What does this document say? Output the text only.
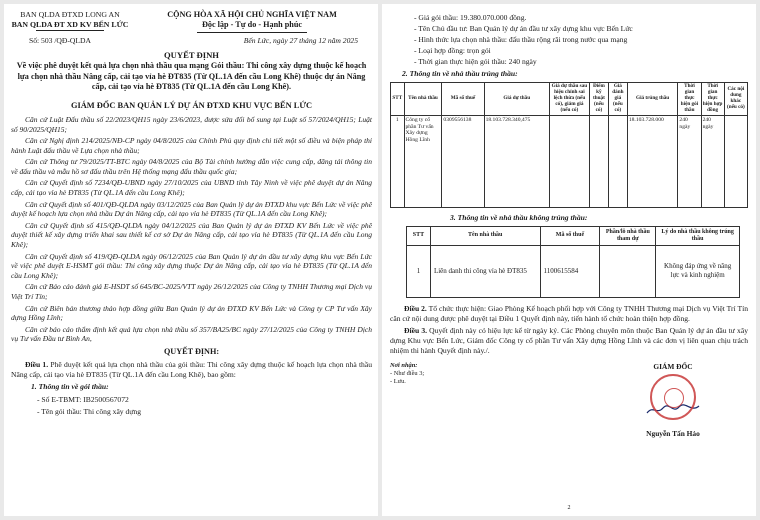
BAN QLDA ĐTXD LONG AN
BAN QLDA ĐT XD KV BẾN LỨC
CỘNG HÒA XÃ HỘI CHỦ NGHĨA VIỆT NAM
Độc lập - Tự do - Hạnh phúc
Số: 503 /QĐ-QLDA	Bến Lức, ngày 27 tháng 12 năm 2025
QUYẾT ĐỊNH
Về việc phê duyệt kết quả lựa chọn nhà thầu qua mạng Gói thầu: Thi công xây dựng thuộc kế hoạch lựa chọn nhà thầu Nâng cấp, cải tạo vỉa hè ĐT835 (Từ QL.1A đến cầu Long Khê) thuộc dự án Nâng cấp, cải tạo vỉa hè ĐT835 (Từ QL.1A đến cầu Long Khê).
GIÁM ĐỐC BAN QUẢN LÝ DỰ ÁN ĐTXD KHU VỰC BẾN LỨC

Căn cứ Luật Đấu thầu số 22/2023/QH15 ngày 23/6/2023, được sửa đổi bổ sung tại Luật số 57/2024/QH15; Luật số 90/2025/QH15;

Căn cứ Nghị định 214/2025/NĐ-CP ngày 04/8/2025 của Chính Phủ quy định chi tiết một số điều và biện pháp thi hành Luật đấu thầu về Lựa chọn nhà thầu;

Căn cứ Thông tư 79/2025/TT-BTC ngày 04/8/2025 của Bộ Tài chính hướng dẫn việc cung cấp, đăng tải thông tin về đấu thầu và mẫu hồ sơ đấu thầu trên Hệ thống mạng đấu thầu quốc gia;

Căn cứ Quyết định số 7234/QĐ-UBND ngày 27/10/2025 của UBND tỉnh Tây Ninh về việc phê duyệt dự án Nâng cấp, cải tạo vỉa hè ĐT835 (Từ QL.1A đến cầu Long Khê);

Căn cứ Quyết định số 401/QĐ-QLDA ngày 03/12/2025 của Ban Quản lý dự án ĐTXD khu vực Bến Lức về việc phê duyệt kế hoạch lựa chọn nhà thầu Dự án Nâng cấp, cải tạo vỉa hè ĐT835 (Từ QL.1A đến cầu Long Khê);

Căn cứ Quyết định số 415/QĐ-QLDA ngày 04/12/2025 của Ban Quản lý dự án ĐTXD KV Bến Lức về việc phê duyệt thiết kế xây dựng triển khai sau thiết kế cơ sở Dự án Nâng cấp, cải tạo vỉa hè ĐT835 (Từ QL.1A đến cầu Long Khê);

Căn cứ Quyết định số 419/QĐ-QLDA ngày 06/12/2025 của Ban Quản lý dự án đầu tư xây dựng khu vực Bến Lức về việc phê duyệt E-HSMT gói thầu: Thi công xây dựng thuộc Dự án Nâng cấp, cải tạo vỉa hè ĐT835 (Từ QL.1A đến cầu Long Khê);

Căn cứ Báo cáo đánh giá E-HSDT số 645/BC-2025/VTT ngày 26/12/2025 của Công ty TNHH Thương mại Dịch vụ Việt Trí Tín;

Căn cứ Biên bản thương thảo hợp đồng giữa Ban Quản lý dự án ĐTXD KV Bến Lức và Công ty CP Tư vấn Xây dựng Hồng Lĩnh;

Căn cứ báo cáo thẩm định kết quả lựa chọn nhà thầu số 357/BA25/BC ngày 27/12/2025 của Công ty TNHH Dịch vụ Tư vấn Đầu tư Bình An,

QUYẾT ĐỊNH:
Điều 1. Phê duyệt kết quả lựa chọn nhà thầu của gói thầu: Thi công xây dựng thuộc kế hoạch lựa chọn nhà thầu Nâng cấp, cải tạo vỉa hè ĐT835 (Từ QL.1A đến cầu Long Khê), bao gồm:
1. Thông tin về gói thầu:
- Số E-TBMT: IB2500567072
- Tên gói thầu: Thi công xây dựng
- Giá gói thầu: 19.380.070.000 đồng.
- Tên Chủ đầu tư: Ban Quản lý dự án đầu tư xây dựng khu vực Bến Lức
- Hình thức lựa chọn nhà thầu: đấu thầu rộng rãi trong nước qua mạng
- Loại hợp đồng: trọn gói
- Thời gian thực hiện gói thầu: 240 ngày
2. Thông tin về nhà thầu trúng thầu:
STT	Tên nhà thầu	Mã số thuế	Giá dự thầu	Giá dự thầu sau hiệu chỉnh sai lệch thừa (nếu có), giảm giá (nếu có)	Điểm kỹ thuật (nếu có)	Giá đánh giá (nếu có)	Giá trúng thầu	Thời gian thực hiện gói thầu	Thời gian thực hiện hợp đồng	Các nội dung khác (nếu có)
1	Công ty cổ phần Tư vấn Xây dựng Hồng Lĩnh	0309556138	18.103.728.340,475				18.103.728.000	240 ngày	240 ngày	
3. Thông tin về nhà thầu không trúng thầu:
STT	Tên nhà thầu	Mã số thuế	Phần/lô nhà thầu tham dự	Lý do nhà thầu không trúng thầu
1	Liên danh thi công vỉa hè ĐT835	1100615584		Không đáp ứng về năng lực và kinh nghiệm
Điều 2. Tổ chức thực hiện: Giao Phòng Kế hoạch phối hợp với Công ty TNHH Thương mại Dịch vụ Việt Trí Tín căn cứ nội dung được phê duyệt tại Điều 1 Quyết định này, tiến hành tổ chức hoàn thiện hợp đồng.
Điều 3. Quyết định này có hiệu lực kể từ ngày ký. Các Phòng chuyên môn thuộc Ban Quản lý dự án đầu tư xây dựng Khu vực Bến Lức, Giám đốc Công ty cổ phần Tư vấn Xây dựng Hồng Lĩnh và các đơn vị liên quan chịu trách nhiệm thi hành Quyết định này./.
Nơi nhận:
- Như điều 3;
- Lưu.
GIÁM ĐỐC
Nguyễn Tấn Hảo
2
